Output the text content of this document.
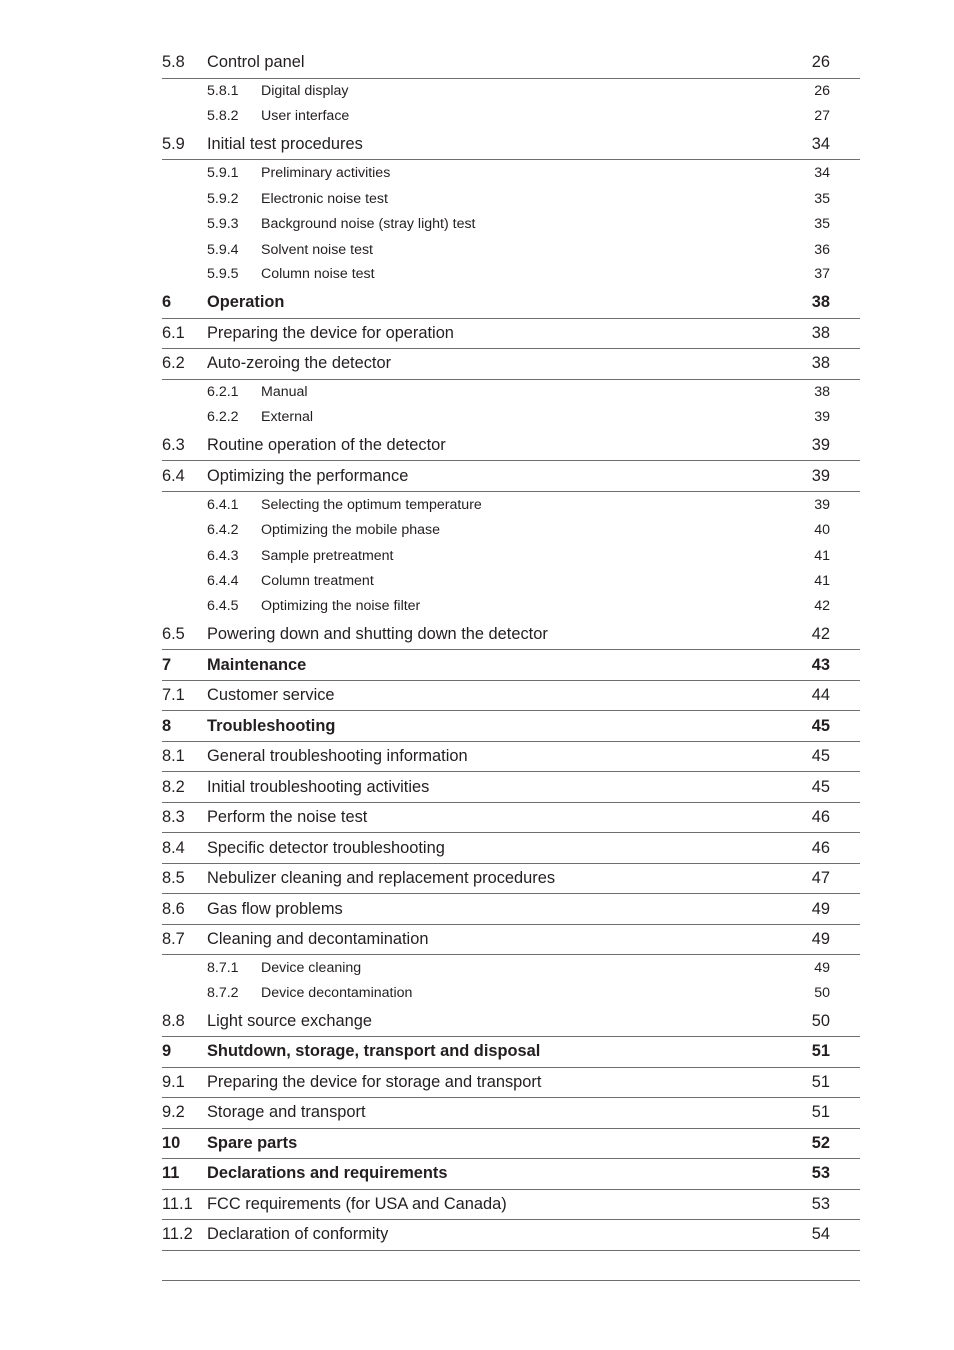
5.8	Control panel	26
5.8.1	Digital display	26
5.8.2	User interface	27
5.9	Initial test procedures	34
5.9.1	Preliminary activities	34
5.9.2	Electronic noise test	35
5.9.3	Background noise (stray light) test	35
5.9.4	Solvent noise test	36
5.9.5	Column noise test	37
6	Operation	38
6.1	Preparing the device for operation	38
6.2	Auto-zeroing the detector	38
6.2.1	Manual	38
6.2.2	External	39
6.3	Routine operation of the detector	39
6.4	Optimizing the performance	39
6.4.1	Selecting the optimum temperature	39
6.4.2	Optimizing the mobile phase	40
6.4.3	Sample pretreatment	41
6.4.4	Column treatment	41
6.4.5	Optimizing the noise filter	42
6.5	Powering down and shutting down the detector	42
7	Maintenance	43
7.1	Customer service	44
8	Troubleshooting	45
8.1	General troubleshooting information	45
8.2	Initial troubleshooting activities	45
8.3	Perform the noise test	46
8.4	Specific detector troubleshooting	46
8.5	Nebulizer cleaning and replacement procedures	47
8.6	Gas flow problems	49
8.7	Cleaning and decontamination	49
8.7.1	Device cleaning	49
8.7.2	Device decontamination	50
8.8	Light source exchange	50
9	Shutdown, storage, transport and disposal	51
9.1	Preparing the device for storage and transport	51
9.2	Storage and transport	51
10	Spare parts	52
11	Declarations and requirements	53
11.1 FCC requirements (for USA and Canada)	53
11.2 Declaration of conformity	54
